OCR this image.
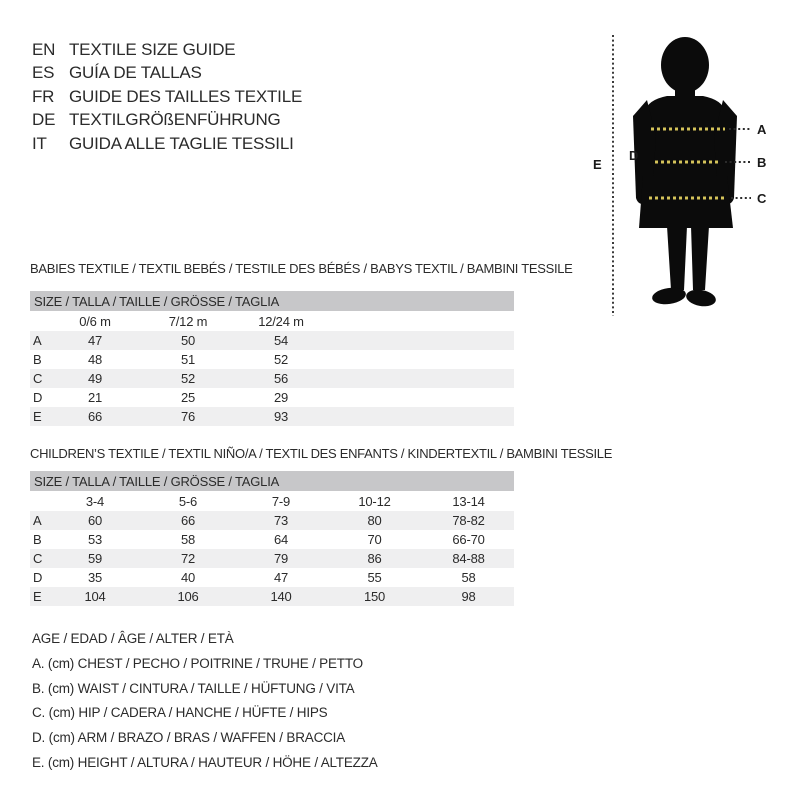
EN TEXTILE SIZE GUIDE
ES GUÍA DE TALLAS
FR GUIDE DES TAILLES TEXTILE
DE TEXTILGRÖßENFÜHRUNG
IT	GUIDA ALLE TAGLIE TESSILI
A
B
C
D
E
BABIES TEXTILE / TEXTIL BEBÉS / TESTILE DES BÉBÉS / BABYS TEXTIL / BAMBINI TESSILE
SIZE / TALLA / TAILLE / GRÖSSE / TAGLIA					
	0/6 m	7/12 m	12/24 m		
A	47	50	54		
B	48	51	52		
C	49	52	56		
D	21	25	29		
E	66	76	93		
CHILDREN’S TEXTILE / TEXTIL NIÑO/A / TEXTIL DES ENFANTS / KINDERTEXTIL / BAMBINI TESSILE
SIZE / TALLA / TAILLE / GRÖSSE / TAGLIA					
	3-4	5-6	7-9	10-12	13-14
A	60	66	73	80	78-82
B	53	58	64	70	66-70
C	59	72	79	86	84-88
D	35	40	47	55	58
E	104	106	140	150	98
AGE / EDAD / ÂGE / ALTER / ETÀ
A. (cm) CHEST / PECHO / POITRINE / TRUHE / PETTO
B. (cm) WAIST / CINTURA / TAILLE / HÜFTUNG / VITA
C. (cm) HIP / CADERA / HANCHE / HÜFTE / HIPS
D. (cm) ARM / BRAZO / BRAS / WAFFEN / BRACCIA
E. (cm) HEIGHT / ALTURA / HAUTEUR / HÖHE / ALTEZZA
